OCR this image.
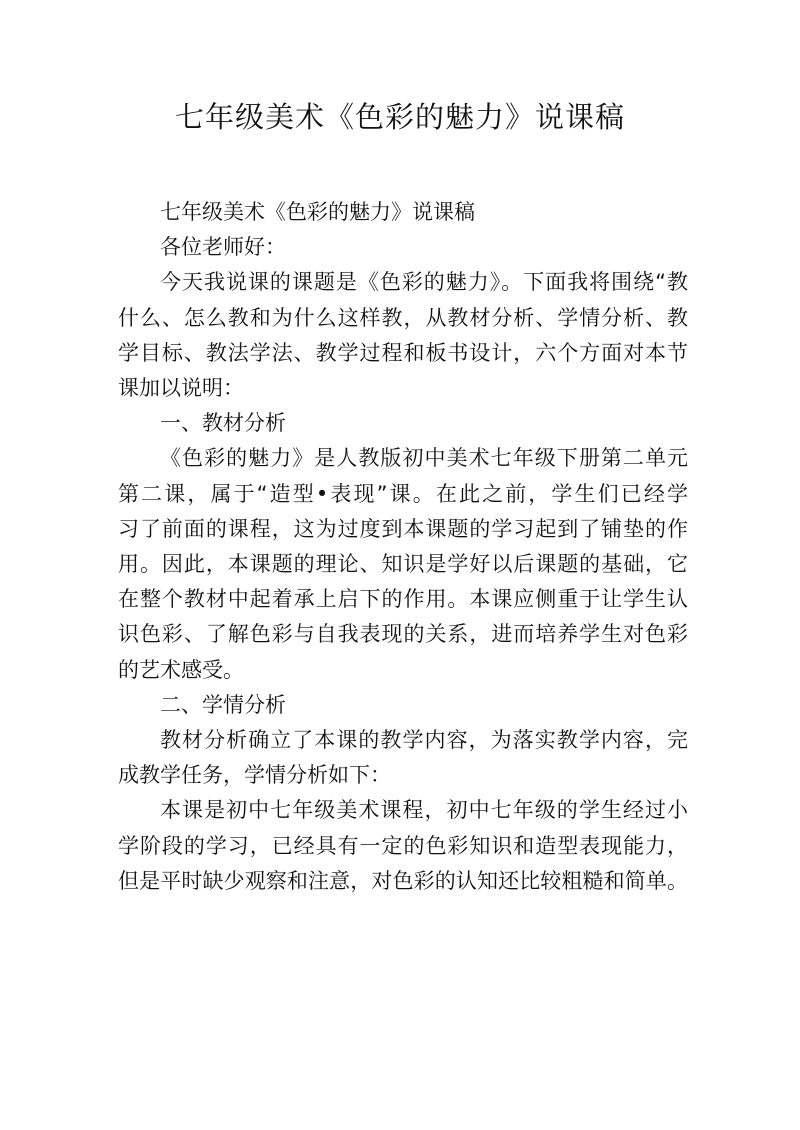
七年级美术《色彩的魅力》说课稿

七年级美术《色彩的魅力》说课稿

各位老师好：

今天我说课的课题是《色彩的魅力》。下面我将围绕“教

什么、怎么教和为什么这样教，从教材分析、学情分析、教

学目标、教法学法、教学过程和板书设计，六个方面对本节

课加以说明：

一、教材分析

《色彩的魅力》是人教版初中美术七年级下册第二单元

第二课，属于“造型•表现”课。在此之前，学生们已经学

习了前面的课程，这为过度到本课题的学习起到了铺垫的作

用。因此，本课题的理论、知识是学好以后课题的基础，它

在整个教材中起着承上启下的作用。本课应侧重于让学生认

识色彩、了解色彩与自我表现的关系，进而培养学生对色彩

的艺术感受。

二、学情分析

教材分析确立了本课的教学内容，为落实教学内容，完

成教学任务，学情分析如下：

本课是初中七年级美术课程，初中七年级的学生经过小

学阶段的学习，已经具有一定的色彩知识和造型表现能力，

但是平时缺少观察和注意，对色彩的认知还比较粗糙和简单。
